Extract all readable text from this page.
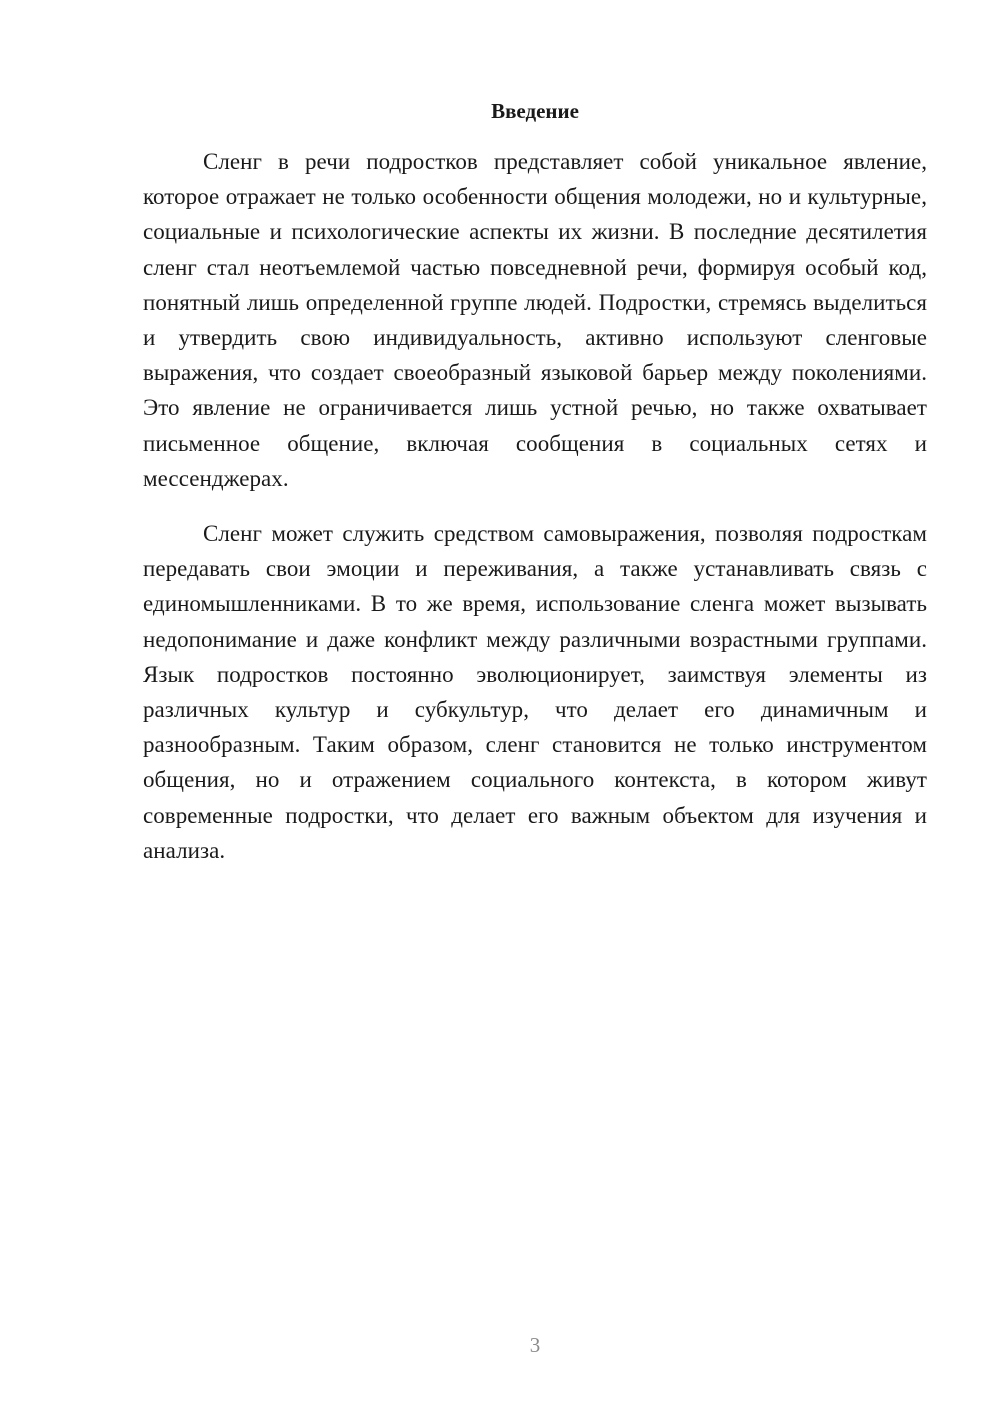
Введение

Сленг в речи подростков представляет собой уникальное явление, которое отражает не только особенности общения молодежи, но и культурные, социальные и психологические аспекты их жизни. В последние десятилетия сленг стал неотъемлемой частью повседневной речи, формируя особый код, понятный лишь определенной группе людей. Подростки, стремясь выделиться и утвердить свою индивидуальность, активно используют сленговые выражения, что создает своеобразный языковой барьер между поколениями. Это явление не ограничивается лишь устной речью, но также охватывает письменное общение, включая сообщения в социальных сетях и мессенджерах.

Сленг может служить средством самовыражения, позволяя подросткам передавать свои эмоции и переживания, а также устанавливать связь с единомышленниками. В то же время, использование сленга может вызывать недопонимание и даже конфликт между различными возрастными группами. Язык подростков постоянно эволюционирует, заимствуя элементы из различных культур и субкультур, что делает его динамичным и разнообразным. Таким образом, сленг становится не только инструментом общения, но и отражением социального контекста, в котором живут современные подростки, что делает его важным объектом для изучения и анализа.

3
